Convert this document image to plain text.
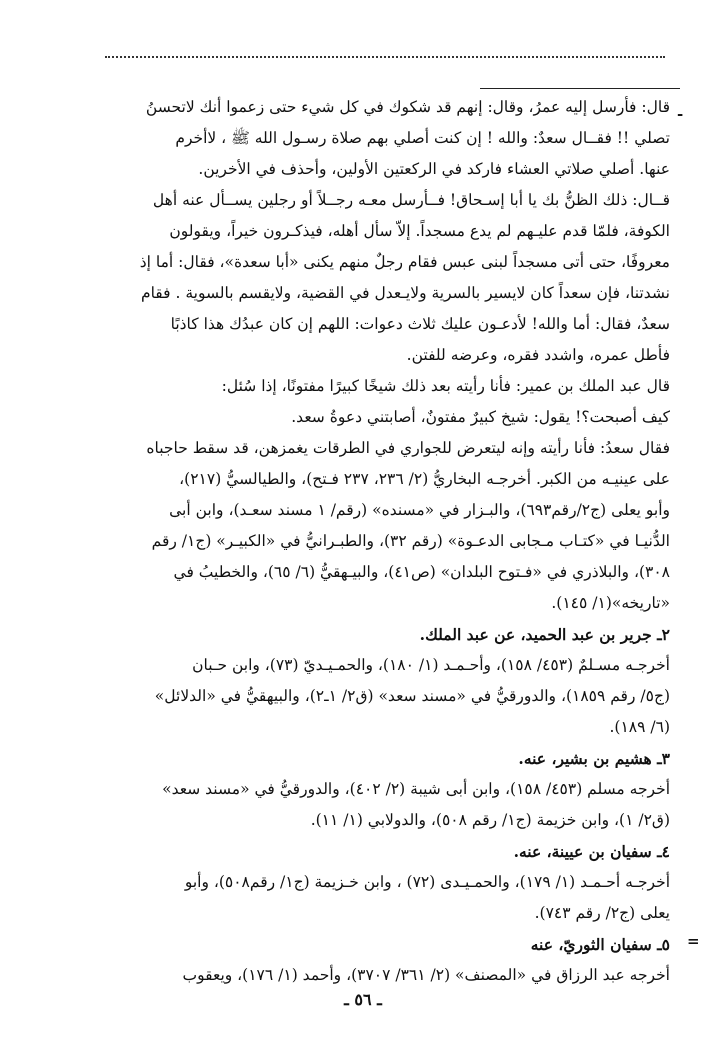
-
قال: فأرسل إليه عمرُ، وقال: إنهم قد شكوك في كل شيء حتى زعموا أنك لاتحسنُ
تصلي !! فقــال سعدٌ: والله ! إن كنت أصلي بهم صلاة رسـول الله ﷺ ، لاأخرم
عنها. أصلي صلاتي العشاء فاركد في الركعتين الأولين، وأحذف في الأخرين.
قــال: ذلك الظنُّ بك يا أبا إسـحاق! فــأرسل معـه رجــلاً أو رجلين يســأل عنه أهل
الكوفة، فلمّا قدم عليـهم لم يدع مسجداً. إلاّ سأل أهله، فيذكـرون خيراً، ويقولون
معروفًا، حتى أتى مسجداً لبنى عبس فقام رجلٌ منهم يكنى «أبا سعدة»، فقال: أما إذ
نشدتنا، فإن سعداً كان لايسير بالسرية ولايـعدل في القضية، ولايقسم بالسوية . فقام
سعدٌ، فقال: أما والله! لأدعـون عليك ثلاث دعوات: اللهم إن كان عبدُك هذا كاذبًا
فأطل عمره، واشدد فقره، وعرضه للفتن.
قال عبد الملك بن عمير: فأنا رأيته بعد ذلك شيخًا كبيرًا مفتونًا، إذا سُئل:
كيف أصبحت؟! يقول: شيخ كبيرٌ مفتونٌ، أصابتني دعوةُ سعد.
فقال سعدُ: فأنا رأيته وإنه ليتعرض للجواري في الطرقات يغمزهن، قد سقط حاجباه
على عينيـه من الكبر. أخرجـه البخاريُّ (٢/ ٢٣٦، ٢٣٧ فـتح)، والطيالسيُّ (٢١٧)،
وأبو يعلى (ج٢/رقم٦٩٣)، والبـزار في «مسنده» (رقم/ ١ مسند سعـد)، وابن أبى
الدُّنيـا في «كتـاب مـجابى الدعـوة» (رقم ٣٢)، والطبـرانيُّ في «الكبيـر» (ج١/ رقم
٣٠٨)، والبلاذري في «فـتوح البلدان» (ص٤١)، والبيـهقيُّ (٦/ ٦٥)، والخطيبُ في
«تاريخه»(١/ ١٤٥).
٢ـ جرير بن عبد الحميد، عن عبد الملك.
أخرجـه مسـلمٌ (٤٥٣/ ١٥٨)، وأحـمـد (١/ ١٨٠)، والحمـيـديّ (٧٣)، وابن حـبان
(ج٥/ رقم ١٨٥٩)، والدورقيُّ في «مسند سعد» (ق٢/ ١ـ٢)، والبيهقيُّ في «الدلائل»
(٦/ ١٨٩).
٣ـ هشيم بن بشير، عنه.
أخرجه مسلم (٤٥٣/ ١٥٨)، وابن أبى شيبة (٢/ ٤٠٢)، والدورقيُّ في «مسند سعد»
(ق٢/ ١)، وابن خزيمة (ج١/ رقم ٥٠٨)، والدولابي (١/ ١١).
٤ـ سفيان بن عيينة، عنه.
أخرجـه أحـمـد (١/ ١٧٩)، والحمـيـدى (٧٢) ، وابن خـزيمة (ج١/ رقم٥٠٨)، وأبو
يعلى (ج٢/ رقم ٧٤٣).
٥ـ سفيان الثوريّ، عنه
أخرجه عبد الرزاق في «المصنف» (٢/ ٣٦١/ ٣٧٠٧)، وأحمد (١/ ١٧٦)، ويعقوب
=
ـ ٥٦ ـ
